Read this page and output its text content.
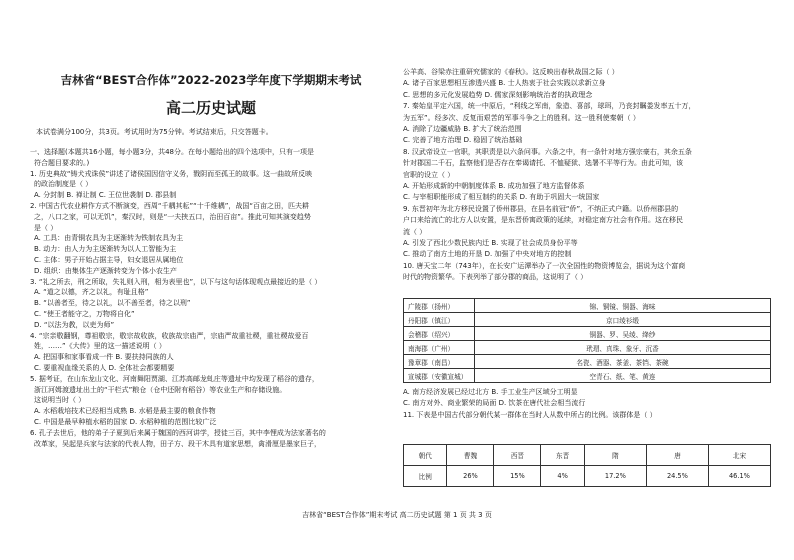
吉林省“BEST合作体”2022-2023学年度下学期期末考试
高二历史试题
本试卷满分100分，共3页。考试用时为75分钟。考试结束后，只交答题卡。
一、选择题(本题共16小题，每小题3分，共48分。在每小题给出的四个选项中，只有一项是
符合题目要求的。)
1. 历史典故“铸犬戎诛侯”讲述了诸侯国因信守义务，戮阴而至孤王的故事。这一曲故所反映
的政治制度是（ ）
A. 分封制 B. 禅让制 C. 王位世袭制 D. 郡县制
2. 中国古代农业耕作方式不断演变，西周“千耦其耘”“十千维耦”，战国“百亩之田，匹夫耕
之，八口之家，可以无饥”，秦汉时，则是“一夫挟五口，治田百亩”。推此可知其演变趋势
是（ ）
A. 工具：由青铜农具为主逐渐转为铁制农具为主
B. 动力：由人力为主逐渐转为以人工智能为主
C. 主体：男子开始占据主导，妇女退居从属地位
D. 组织：由集体生产逐渐转变为个体小农生产
3. “礼之所去，刑之所取，失礼则入刑，相为表里也”，以下与这句话体现观点最接近的是（ ）
A. “道之以德，齐之以礼，有耻且格”
B. “以善者至，待之以礼，以不善至者，待之以刑”
C. “使王者能守之，万物将自化”
D. “以法为教，以吏为师”
4. “宗亲敬翻钢，尊祖敬宗，敬宗故收族，收族故宗庙严，宗庙严故重社稷，重社稷故爱百
姓，……”《大传》里的这一描述说明（ ）
A. 把国事和家事看成一件 B. 要扶持同族的人
C. 要重视血缘关系的人 D. 全体社会都要精要
5. 据考证，在山东龙山文化、河南舞阳贾湖、江苏高邮龙虬庄等遗址中均发现了稻谷的遗存，
浙江河姆渡遗址出土的“干栏式”粮仓（仓中还附有稻谷）等农业生产和存储设施。
这说明当时（ ）
A. 水稻栽培技术已经相当成熟 B. 水稻是最主要的粮食作物
C. 中国是最早种植水稻的国家 D. 水稻种植的范围比较广泛
6. 孔子去世后，他的弟子子夏到后来属于魏国的西河讲学，授徒三百，其中李悝成为法家著名的
改革家，吴起是兵家与法家的代表人物，田子方、段干木具有道家思想，禽滑厘是墨家巨子，
公羊高、谷梁赤注重研究儒家的《春秋》。这反映出春秋战国之际（ ）
A. 诸子百家思想相互渗透兴盛 B. 士人热衷于社会实践以求新立身
C. 思想的多元化发展趋势 D. 儒家深刻影响统治者的执政理念
7. 秦始皇平定六国，统一中原后，“利线之军南，象造、喜部，球珥，乃丧封瞩娄发率五十万，
为五军”。经多次、反复而艰苦的军事斗争之上的胜利。这一胜利使秦朝（ ）
A. 消除了边疆威胁 B. 扩大了统治范围
C. 完善了地方治理 D. 稳固了统治基础
8. 汉武帝设立一官职，其职责是以六条问事。六条之中，有一条针对地方强宗豪右，其余五条
针对郡国二千石，监察他们是否存在奉谒请托、不恤疑狱、选署不平等行为。由此可知，该
官职的设立（ ）
A. 开始形成新的中朝制度体系 B. 成功加强了地方监督体系
C. 与宰相职能形成了相互制约的关系 D. 有助于巩固大一统国家
9. 东晋初年为北方移民设置了侨州郡县，在县名前冠“侨”，不纳正式户籍。以侨州郡县的
户口来给流亡的北方人以安置，是东晋侨寓政策的延续，对稳定南方社会有作用。这在移民
流（ ）
A. 引发了西北少数民族内迁 B. 实现了社会成员身份平等
C. 推动了南方土地的开垦 D. 加强了中央对地方的控制
10. 唐天宝二年（743年），在长安广运潭举办了一次全国性的物资博览会，据说为这个富商
时代的物资繁华。下表列举了部分郡的商品，这说明了（ ）
广陵郡（扬州）	锦、铜镜、铜器、海味
丹阳郡（镇江）	京口绫衫缎
会稽郡（绍兴）	铜器、罗、吴绫、绛纱
南海郡（广州）	玳瑁、真珠、象牙、沉香
豫章郡（南昌）	名瓷、酒器、茶釜、茶铛、茶碗
宣城郡（安徽宣城）	空青石、纸、笔、黄连
A. 南方经济发展已经过北方 B. 手工业生产区域分工明显
C. 南方对外、商业繁荣的局面 D. 饮茶在唐代社会相当流行
11. 下表是中国古代部分朝代某一群体在当时人从数中所占的比例。该群体是（ ）
朝代	曹魏	西晋	东晋	隋	唐	北宋
比例	26%	15%	4%	17.2%	24.5%	46.1%
吉林省“BEST合作体”期末考试 高二历史试题 第 1 页 共 3 页
